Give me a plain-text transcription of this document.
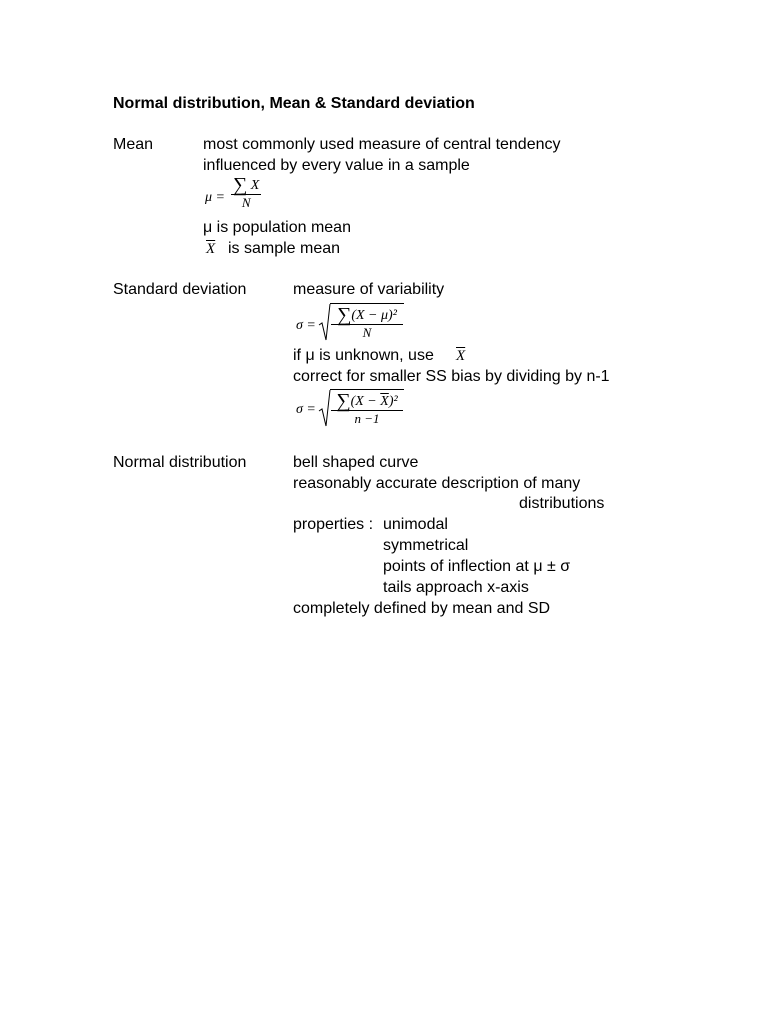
Normal distribution, Mean & Standard deviation
Mean	most commonly used measure of central tendency
influenced by every value in a sample
μ =
∑ X
N
μ is population mean
$\overline{X}$ is sample mean
Standard deviation	measure of variability
σ =	∑(X − μ)²
N
if μ is unknown, use $\overline{X}$
correct for smaller SS bias by dividing by n-1
$\sigma = \sum(X - \overline{X})^2$
n −1
Normal distribution	bell shaped curve
reasonably accurate description of many
distributions
properties : unimodal
symmetrical
points of inflection at μ ± σ
tails approach x-axis
completely defined by mean and SD
